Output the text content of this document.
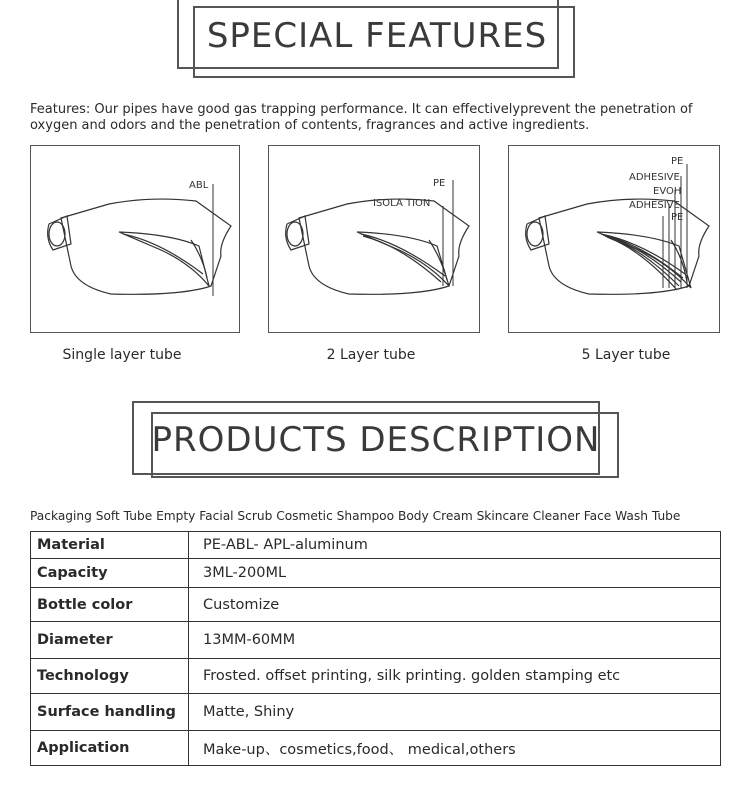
SPECIAL FEATURES
Features: Our pipes have good gas trapping performance. It can effectivelyprevent the penetration of oxygen and odors and the penetration of contents, fragrances and active ingredients.
ABL	PE
ISOLA TION
PE
ADHESIVE
EVOH
ADHESIVE
PE
Single layer tube	2 Layer tube	5 Layer tube
PRODUCTS DESCRIPTION
Packaging Soft Tube Empty Facial Scrub Cosmetic Shampoo Body Cream Skincare Cleaner Face Wash Tube
Material	PE-ABL- APL-aluminum
Capacity	3ML-200ML
Bottle color	Customize
Diameter	13MM-60MM
Technology	Frosted. offset printing, silk printing. golden stamping etc
Surface handling	Matte, Shiny
Application	Make-up、cosmetics,food、 medical,others
